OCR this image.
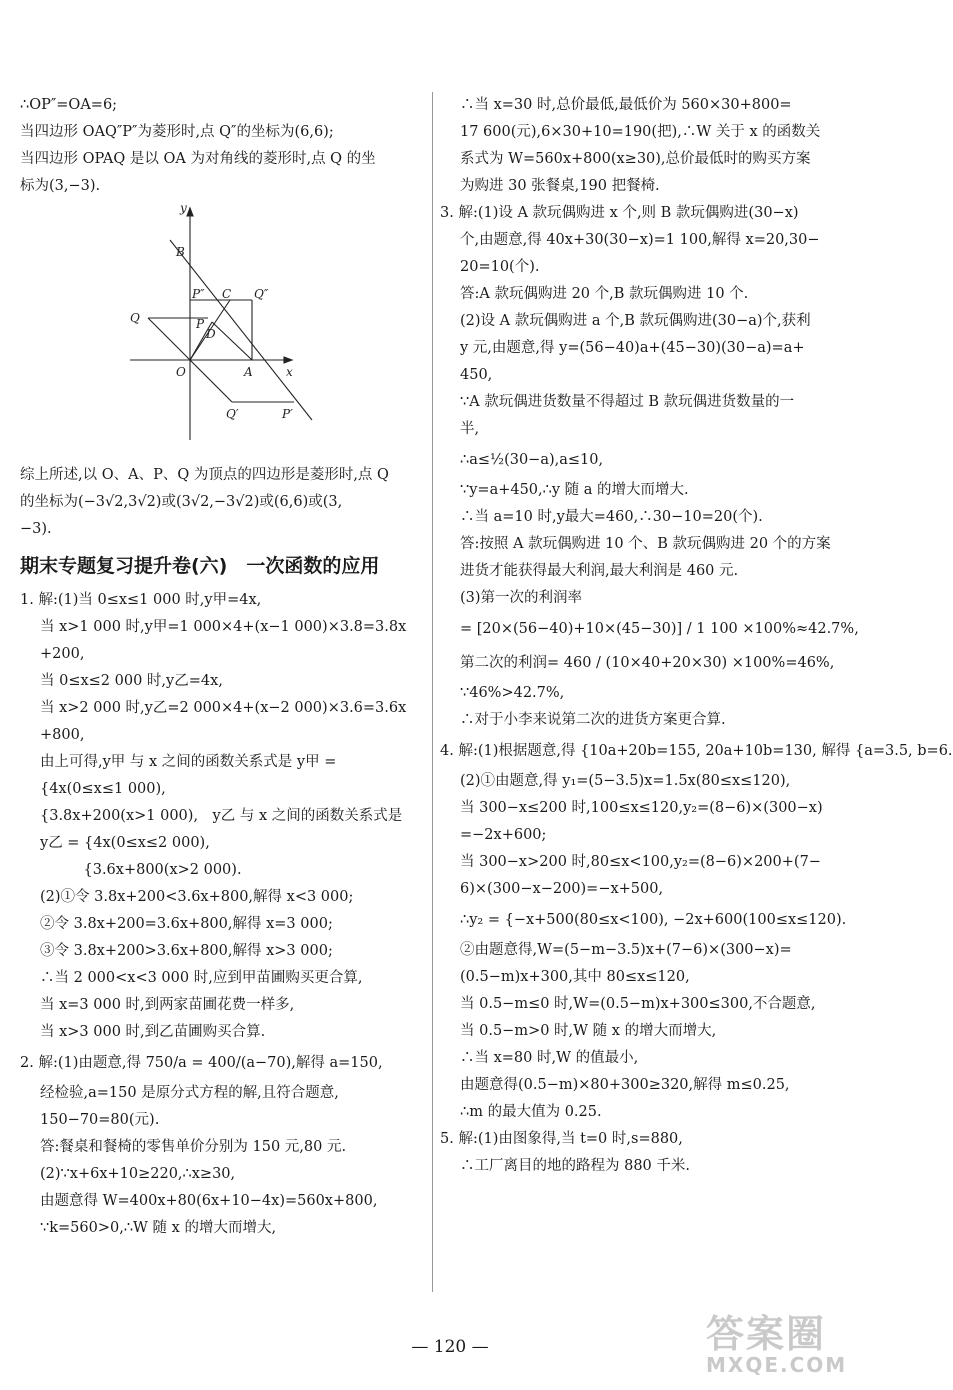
∴OP″=OA=6;
当四边形 OAQ″P″为菱形时,点 Q″的坐标为(6,6);
当四边形 OPAQ 是以 OA 为对角线的菱形时,点 Q 的坐
标为(3,−3).
y
x
B
P″ C Q″
Q	P
D
O	A
Q′	P′
综上所述,以 O、A、P、Q 为顶点的四边形是菱形时,点 Q
的坐标为(−3√2,3√2)或(3√2,−3√2)或(6,6)或(3,
−3).
期末专题复习提升卷(六)　一次函数的应用
1. 解:(1)当 0≤x≤1 000 时,y甲=4x,
当 x>1 000 时,y甲=1 000×4+(x−1 000)×3.8=3.8x
+200,
当 0≤x≤2 000 时,y乙=4x,
当 x>2 000 时,y乙=2 000×4+(x−2 000)×3.6=3.6x
+800,
由上可得,y甲 与 x 之间的函数关系式是 y甲 =
{4x(0≤x≤1 000),
{3.8x+200(x>1 000),　y乙 与 x 之间的函数关系式是
y乙 = {4x(0≤x≤2 000),
　　　{3.6x+800(x>2 000).
(2)①令 3.8x+200<3.6x+800,解得 x<3 000;
②令 3.8x+200=3.6x+800,解得 x=3 000;
③令 3.8x+200>3.6x+800,解得 x>3 000;
∴当 2 000<x<3 000 时,应到甲苗圃购买更合算,
当 x=3 000 时,到两家苗圃花费一样多,
当 x>3 000 时,到乙苗圃购买合算.
2. 解:(1)由题意,得 750/a = 400/(a−70),解得 a=150,
经检验,a=150 是原分式方程的解,且符合题意,
150−70=80(元).
答:餐桌和餐椅的零售单价分别为 150 元,80 元.
(2)∵x+6x+10≥220,∴x≥30,
由题意得 W=400x+80(6x+10−4x)=560x+800,
∵k=560>0,∴W 随 x 的增大而增大,
∴当 x=30 时,总价最低,最低价为 560×30+800=
17 600(元),6×30+10=190(把),∴W 关于 x 的函数关
系式为 W=560x+800(x≥30),总价最低时的购买方案
为购进 30 张餐桌,190 把餐椅.
3. 解:(1)设 A 款玩偶购进 x 个,则 B 款玩偶购进(30−x)
个,由题意,得 40x+30(30−x)=1 100,解得 x=20,30−
20=10(个).
答:A 款玩偶购进 20 个,B 款玩偶购进 10 个.
(2)设 A 款玩偶购进 a 个,B 款玩偶购进(30−a)个,获利
y 元,由题意,得 y=(56−40)a+(45−30)(30−a)=a+
450,
∵A 款玩偶进货数量不得超过 B 款玩偶进货数量的一
半,
∴a≤½(30−a),a≤10,
∵y=a+450,∴y 随 a 的增大而增大.
∴当 a=10 时,y最大=460,∴30−10=20(个).
答:按照 A 款玩偶购进 10 个、B 款玩偶购进 20 个的方案
进货才能获得最大利润,最大利润是 460 元.
(3)第一次的利润率
= [20×(56−40)+10×(45−30)] / 1 100 ×100%≈42.7%,
第二次的利润= 460 / (10×40+20×30) ×100%=46%,
∵46%>42.7%,
∴对于小李来说第二次的进货方案更合算.
4. 解:(1)根据题意,得 {10a+20b=155, 20a+10b=130, 解得 {a=3.5, b=6.
(2)①由题意,得 y₁=(5−3.5)x=1.5x(80≤x≤120),
当 300−x≤200 时,100≤x≤120,y₂=(8−6)×(300−x)
=−2x+600;
当 300−x>200 时,80≤x<100,y₂=(8−6)×200+(7−
6)×(300−x−200)=−x+500,
∴y₂ = {−x+500(80≤x<100), −2x+600(100≤x≤120).
②由题意得,W=(5−m−3.5)x+(7−6)×(300−x)=
(0.5−m)x+300,其中 80≤x≤120,
当 0.5−m≤0 时,W=(0.5−m)x+300≤300,不合题意,
当 0.5−m>0 时,W 随 x 的增大而增大,
∴当 x=80 时,W 的值最小,
由题意得(0.5−m)×80+300≥320,解得 m≤0.25,
∴m 的最大值为 0.25.
5. 解:(1)由图象得,当 t=0 时,s=880,
∴工厂离目的地的路程为 880 千米.
— 120 —	答案圈
MXQE.COM
